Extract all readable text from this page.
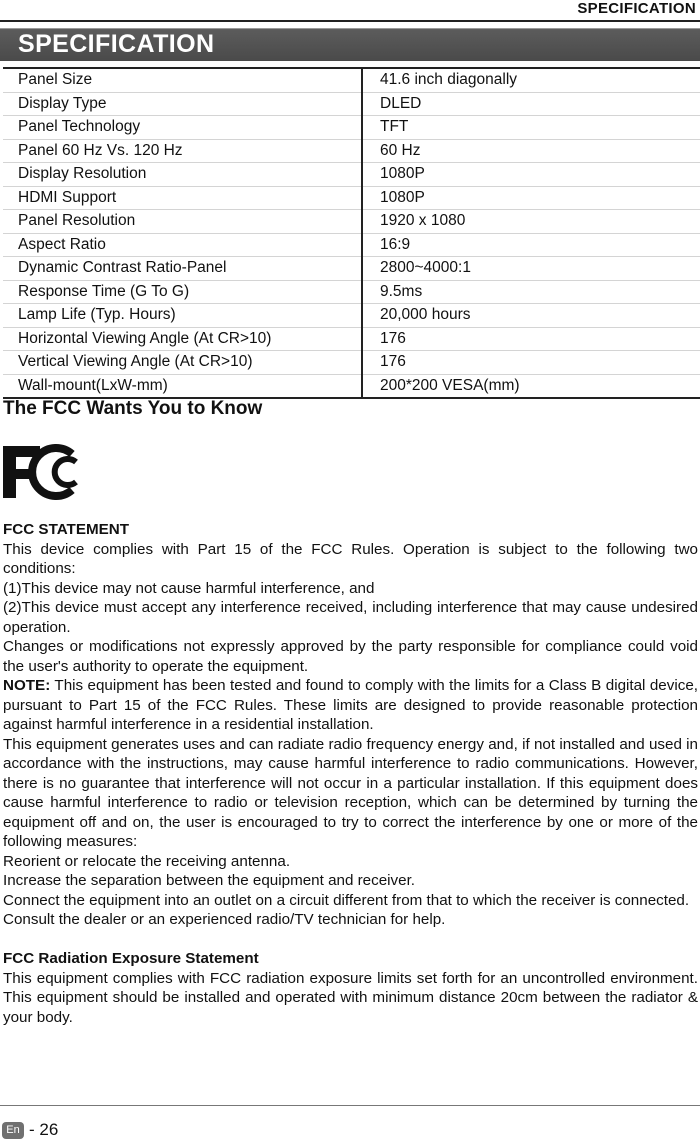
SPECIFICATION
SPECIFICATION
Panel Size	41.6 inch diagonally
Display Type	DLED
Panel Technology	TFT
Panel 60 Hz Vs. 120 Hz	60 Hz
Display Resolution	1080P
HDMI Support	1080P
Panel Resolution	1920 x 1080
Aspect Ratio	16:9
Dynamic Contrast Ratio-Panel	2800~4000:1
Response Time (G To G)	9.5ms
Lamp Life (Typ. Hours)	20,000 hours
Horizontal Viewing Angle (At CR>10)	176
Vertical Viewing Angle (At CR>10)	176
Wall-mount(LxW-mm)	200*200 VESA(mm)
The FCC Wants You to Know

FCC STATEMENT

This device complies with Part 15 of the FCC Rules. Operation is subject to the following two conditions:

(1)This device may not cause harmful interference, and

(2)This device must accept any interference received, including interference that may cause undesired operation.

Changes or modifications not expressly approved by the party responsible for compliance could void the user's authority to operate the equipment.

NOTE: This equipment has been tested and found to comply with the limits for a Class B digital device, pursuant to Part 15 of the FCC Rules. These limits are designed to provide reasonable protection against harmful interference in a residential installation.

This equipment generates uses and can radiate radio frequency energy and, if not installed and used in accordance with the instructions, may cause harmful interference to radio communications. However, there is no guarantee that interference will not occur in a particular installation. If this equipment does cause harmful interference to radio or television reception, which can be determined by turning the equipment off and on, the user is encouraged to try to correct the interference by one or more of the following measures:

Reorient or relocate the receiving antenna.

Increase the separation between the equipment and receiver.

Connect the equipment into an outlet on a circuit different from that to which the receiver is connected.

Consult the dealer or an experienced radio/TV technician for help.

FCC Radiation Exposure Statement

This equipment complies with FCC radiation exposure limits set forth for an uncontrolled environment. This equipment should be installed and operated with minimum distance 20cm between the radiator & your body.

En - 26
